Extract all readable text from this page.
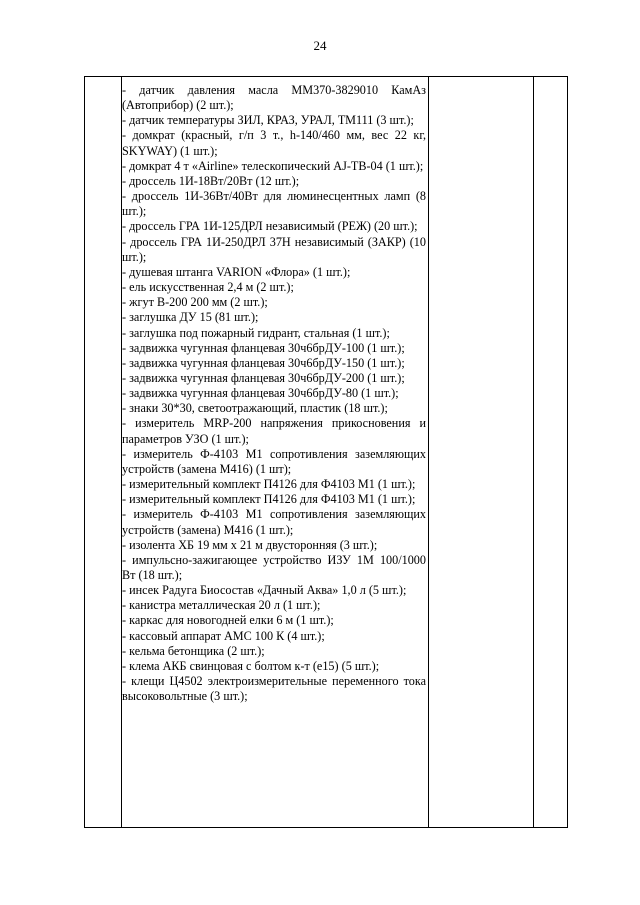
24

- датчик давления масла ММ370-3829010 КамАз (Автоприбор) (2 шт.);

- датчик температуры ЗИЛ, КРАЗ, УРАЛ, ТМ111 (3 шт.);

- домкрат (красный, г/п 3 т., h-140/460 мм, вес 22 кг, SKYWAY) (1 шт.);

- домкрат 4 т «Airline» телескопический AJ-TB-04 (1 шт.);

- дроссель 1И-18Вт/20Вт (12 шт.);

- дроссель 1И-36Вт/40Вт для люминесцентных ламп (8 шт.);

- дроссель ГРА 1И-125ДРЛ независимый (РЕЖ) (20 шт.);

- дроссель ГРА 1И-250ДРЛ 37Н независимый (ЗАКР) (10 шт.);

- душевая штанга VARION «Флора» (1 шт.);

- ель искусственная 2,4 м (2 шт.);

- жгут В-200 200 мм (2 шт.);

- заглушка ДУ 15 (81 шт.);

- заглушка под пожарный гидрант, стальная (1 шт.);

- задвижка чугунная фланцевая 30ч6брДУ-100 (1 шт.);

- задвижка чугунная фланцевая 30ч6брДУ-150 (1 шт.);

- задвижка чугунная фланцевая 30ч6брДУ-200 (1 шт.);

- задвижка чугунная фланцевая 30ч6брДУ-80 (1 шт.);

- знаки 30*30, светоотражающий, пластик (18 шт.);

- измеритель MRP-200 напряжения прикосновения и параметров УЗО (1 шт.);

- измеритель Ф-4103 М1 сопротивления заземляющих устройств (замена М416) (1 шт);

- измерительный комплект П4126 для Ф4103 М1 (1 шт.);

- измерительный комплект П4126 для Ф4103 М1 (1 шт.);

- измеритель Ф-4103 М1 сопротивления заземляющих устройств (замена) М416 (1 шт.);

- изолента ХБ 19 мм х 21 м двусторонняя (3 шт.);

- импульсно-зажигающее устройство ИЗУ 1М 100/1000 Вт (18 шт.);

- инсек Радуга Биосостав «Дачный Аква» 1,0 л (5 шт.);

- канистра металлическая 20 л (1 шт.);

- каркас для новогодней елки 6 м (1 шт.);

- кассовый аппарат АМС 100 К (4 шт.);

- кельма бетонщика (2 шт.);

- клема АКБ свинцовая с болтом к-т (е15) (5 шт.);

- клещи Ц4502 электроизмерительные переменного тока высоковольтные (3 шт.);
